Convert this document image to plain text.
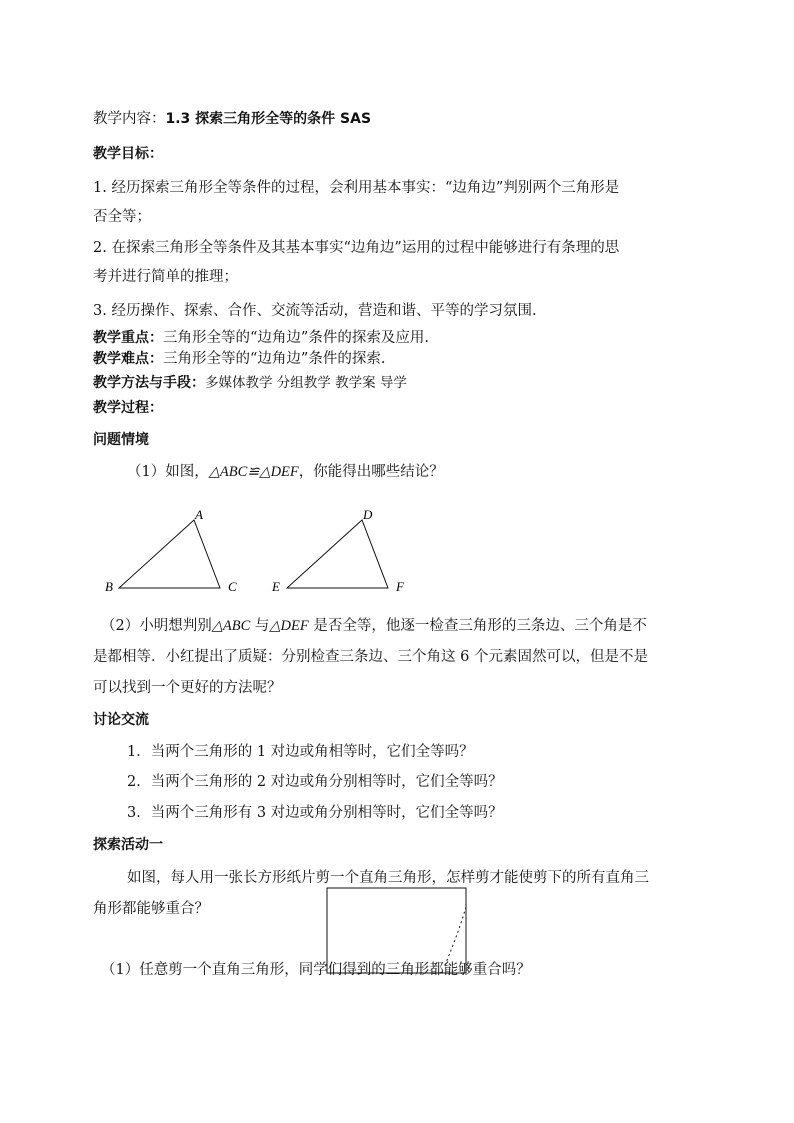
教学内容：1.3 探索三角形全等的条件 SAS
教学目标：
1. 经历探索三角形全等条件的过程，会利用基本事实：“边角边”判别两个三角形是
否全等；
2. 在探索三角形全等条件及其基本事实“边角边”运用的过程中能够进行有条理的思
考并进行简单的推理；
3. 经历操作、探索、合作、交流等活动，营造和谐、平等的学习氛围.
教学重点：三角形全等的“边角边”条件的探索及应用.
教学难点：三角形全等的“边角边”条件的探索.
教学方法与手段：多媒体教学 分组教学 教学案 导学
教学过程：
问题情境
（1）如图，△ABC≌△DEF，你能得出哪些结论？
A
B	C
D
E	F
（2）小明想判别△ABC 与△DEF 是否全等，他逐一检查三角形的三条边、三个角是不
是都相等．小红提出了质疑：分别检查三条边、三个角这 6 个元素固然可以，但是不是
可以找到一个更好的方法呢？
讨论交流
1．当两个三角形的 1 对边或角相等时，它们全等吗？
2．当两个三角形的 2 对边或角分别相等时，它们全等吗？
3．当两个三角形有 3 对边或角分别相等时，它们全等吗？
探索活动一
如图，每人用一张长方形纸片剪一个直角三角形，怎样剪才能使剪下的所有直角三
角形都能够重合？
（1）任意剪一个直角三角形，同学们得到的三角形都能够重合吗？
